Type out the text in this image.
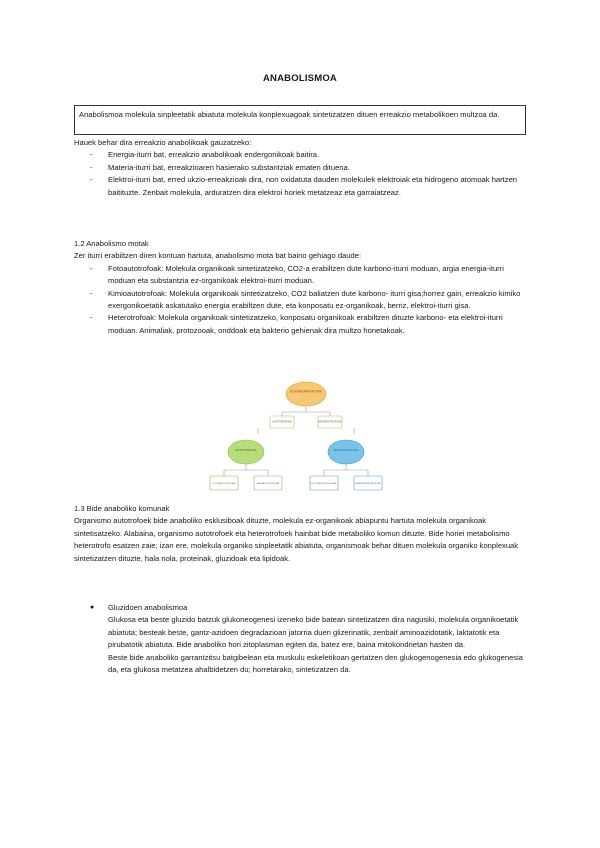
ANABOLISMOA
Anabolismoa molekula sinpleetatik abiatuta molekula konplexuagoak sintetizatzen dituen erreakzio metabolikoen multzoa da.
Hauek behar dira erreakzio anabolikoak gauzatzeko:
- Energia-iturri bat, erreakzio anabolikoak endergonikoak baitira.
- Materia-iturri bat, erreakzioaren hasierako substantziak ematen dituena.
- Elektroi-iturri bat, erred ukzio-erreakzioak dira, non oxidatuta dauden molekulek elektroiak eta hidrogeno atomoak hartzen baitituzte. Zenbait molekula, arduratzen dira elektroi horiek metatzeaz eta garraiatzeaz.
1.2 Anabolismo motak
Zer iturri erabiltzen diren kontuan hartuta, anabolismo mota bat baino gehiago daude:
- Fotoautotrofoak: Molekula organikoak sintetizatzeko, CO2-a erabiltzen dute karbono-iturri moduan, argia energia-iturri moduan eta substantzia ez-organikoak elektroi-iturri moduan.
- Kimioautotrofoak: Molekula organikoak sintetizatzeko, CO2 baliatzen dute karbono- iturri gisa;horrez gain, erreakzio kimiko exergonikoetatik askatutako energia erabiltzen dute, eta konposatu ez-organikoak, berriz, elektroi-iturri gisa.
- Heterotrofoak: Molekula organikoak sintetizatzeko, konposatu organikoak erabiltzen dituzte karbono- eta elektroi-iturri moduan. Animaliak, protozooak, onddoak eta bakterio gehienak dira multzo honetakoak.
ELIKADURA MOTAK
AUTOTROFOAK	HETEROTROFOAK
AUTOTROFOAK	HETEROTROFOAK
FOTOAUTOTROFOAK	KIMIOAUTOTROFOAK	FOTOHETEROTROFOAK	KIMIOHETEROTROFOAK
1.3 Bide anaboliko komunak
Organismo autotrofoek bide anaboliko esklusiboak dituzte, molekula ez-organikoak abiapuntu hartuta molekula organikoak sintetisatzeko. Alabaina, organismo autotrofoek eta heterotrofoek hainbat bide metaboliko komun dituzte. Bide horiei metabolismo heterotrofo esatzen zaie; izan ere, molekula organiko sinpleetatik abiatuta, organismoak behar dituen molekula organiko konplexuak sintetizatzen dituzte, hala nola, proteinak, gluzidoak eta lipidoak.
● Gluzidoen anabolismoa
Glukosa eta beste gluzido batzuk glukoneogenesi izeneko bide batean sintetizatzen dira nagusiki, molekula organikoetatik abiatuta; besteak beste, gantz-azidoen degradazioan jatorria duen glizerinatik, zenbait aminoazidotatik, laktatotik eta pirubatotik abiatuta. Bide anaboliko hori zitoplasman egiten da, batez ere, baina mitokondrietan hasten da.
Beste bide anaboliko garrantzitsu batgibelean eta muskulu eskeletikoan gertatzen den glukogenogenesia edo glukogenesia da, eta glukosa metatzea ahalbidetzen du; horretarako, sintetizatzen da.
